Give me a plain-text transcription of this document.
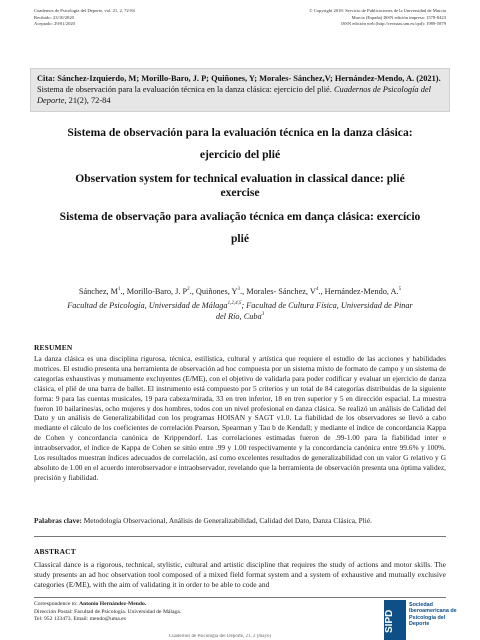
Cuadernos de Psicología del Deporte, vol. 21, 2, 72-84
Recibido: 23/10/2020
Aceptado: 29/01/2020
© Copyright 2018: Servicio de Publicaciones de la Universidad de Murcia
Murcia (España) ISSN edición impresa: 1578-8423
ISSN edición web (http://revistas.um.es/cpd): 1989-5879
Cita: Sánchez-Izquierdo, M; Morillo-Baro, J. P; Quiñones, Y; Morales- Sánchez,V; Hernández-Mendo, A. (2021). Sistema de observación para la evaluación técnica en la danza clásica: ejercicio del plié. Cuadernos de Psicología del Deporte, 21(2), 72-84
Sistema de observación para la evaluación técnica en la danza clásica:
ejercicio del plié
Observation system for technical evaluation in classical dance: plié
exercise
Sistema de observação para avaliação técnica em dança clásica: exercício
plié
Sánchez, $M^1$., Morillo-Baro, J. $P^2$., Quiñones, $Y^3$., Morales- Sánchez, $V^4$., Hernández-Mendo, A.$^5$
Facultad de Psicología, Universidad de Málaga$^{1,2,4,5}$; Facultad de Cultura Física, Universidad de Pinar
del Río, Cuba$^3$
RESUMEN
La danza clásica es una disciplina rigurosa, técnica, estilística, cultural y artística que requiere el estudio de las acciones y habilidades motrices. El estudio presenta una herramienta de observación ad hoc compuesta por un sistema mixto de formato de campo y un sistema de categorías exhaustivas y mutuamente excluyentes (E/ME), con el objetivo de validarla para poder codificar y evaluar un ejercicio de danza clásica, el plié de una barra de ballet. El instrumento está compuesto por 5 criterios y un total de 84 categorías distribuidas de la siguiente forma: 9 para las cuentas musicales, 19 para cabeza/mirada, 33 en tren inferior, 18 en tren superior y 5 en dirección espacial. La muestra fueron 10 bailarines/as, ocho mujeres y dos hombres, todos con un nivel profesional en danza clásica. Se realizó un análisis de Calidad del Dato y un análisis de Generalizabilidad con los programas HOISAN y SAGT v1.0. La fiabilidad de los observadores se llevó a cabo mediante el cálculo de los coeficientes de correlación Pearson, Spearman y Tau b de Kendall; y mediante el índice de concordancia Kappa de Cohen y concordancia canónica de Krippendorf. Las correlaciones estimadas fueron de .99-1.00 para la fiabilidad inter e intraobservador, el índice de Kappa de Cohen se sitúo entre .99 y 1.00 respectivamente y la concordancia canónica entre 99.6% y 100%. Los resultados muestran índices adecuados de correlación, así como excelentes resultados de generalizabilidad con un valor G relativo y G absoluto de 1.00 en el acuerdo interobservador e intraobservador, revelando que la herramienta de observación presenta una óptima validez, precisión y fiabilidad.
Palabras clave: Metodología Observacional, Análisis de Generalizabilidad, Calidad del Dato, Danza Clásica, Plié.
ABSTRACT
Classical dance is a rigorous, technical, stylistic, cultural and artistic discipline that requires the study of actions and motor skills. The study presents an ad hoc observation tool composed of a mixed field format system and a system of exhaustive and mutually exclusive categories (E/ME), with the aim of validating it in order to be able to code and
Correspondence to: Antonio Hernández-Mendo.
Dirección Postal: Facultad de Psicología. Universidad de Málaga.
Tel: 952 133473. Email: mendo@uma.es
Cuadernos de Psicología del Deporte, 21, 2 (mayo)
SIPD
Sociedad
Iberoamericana de
Psicología del
Deporte
